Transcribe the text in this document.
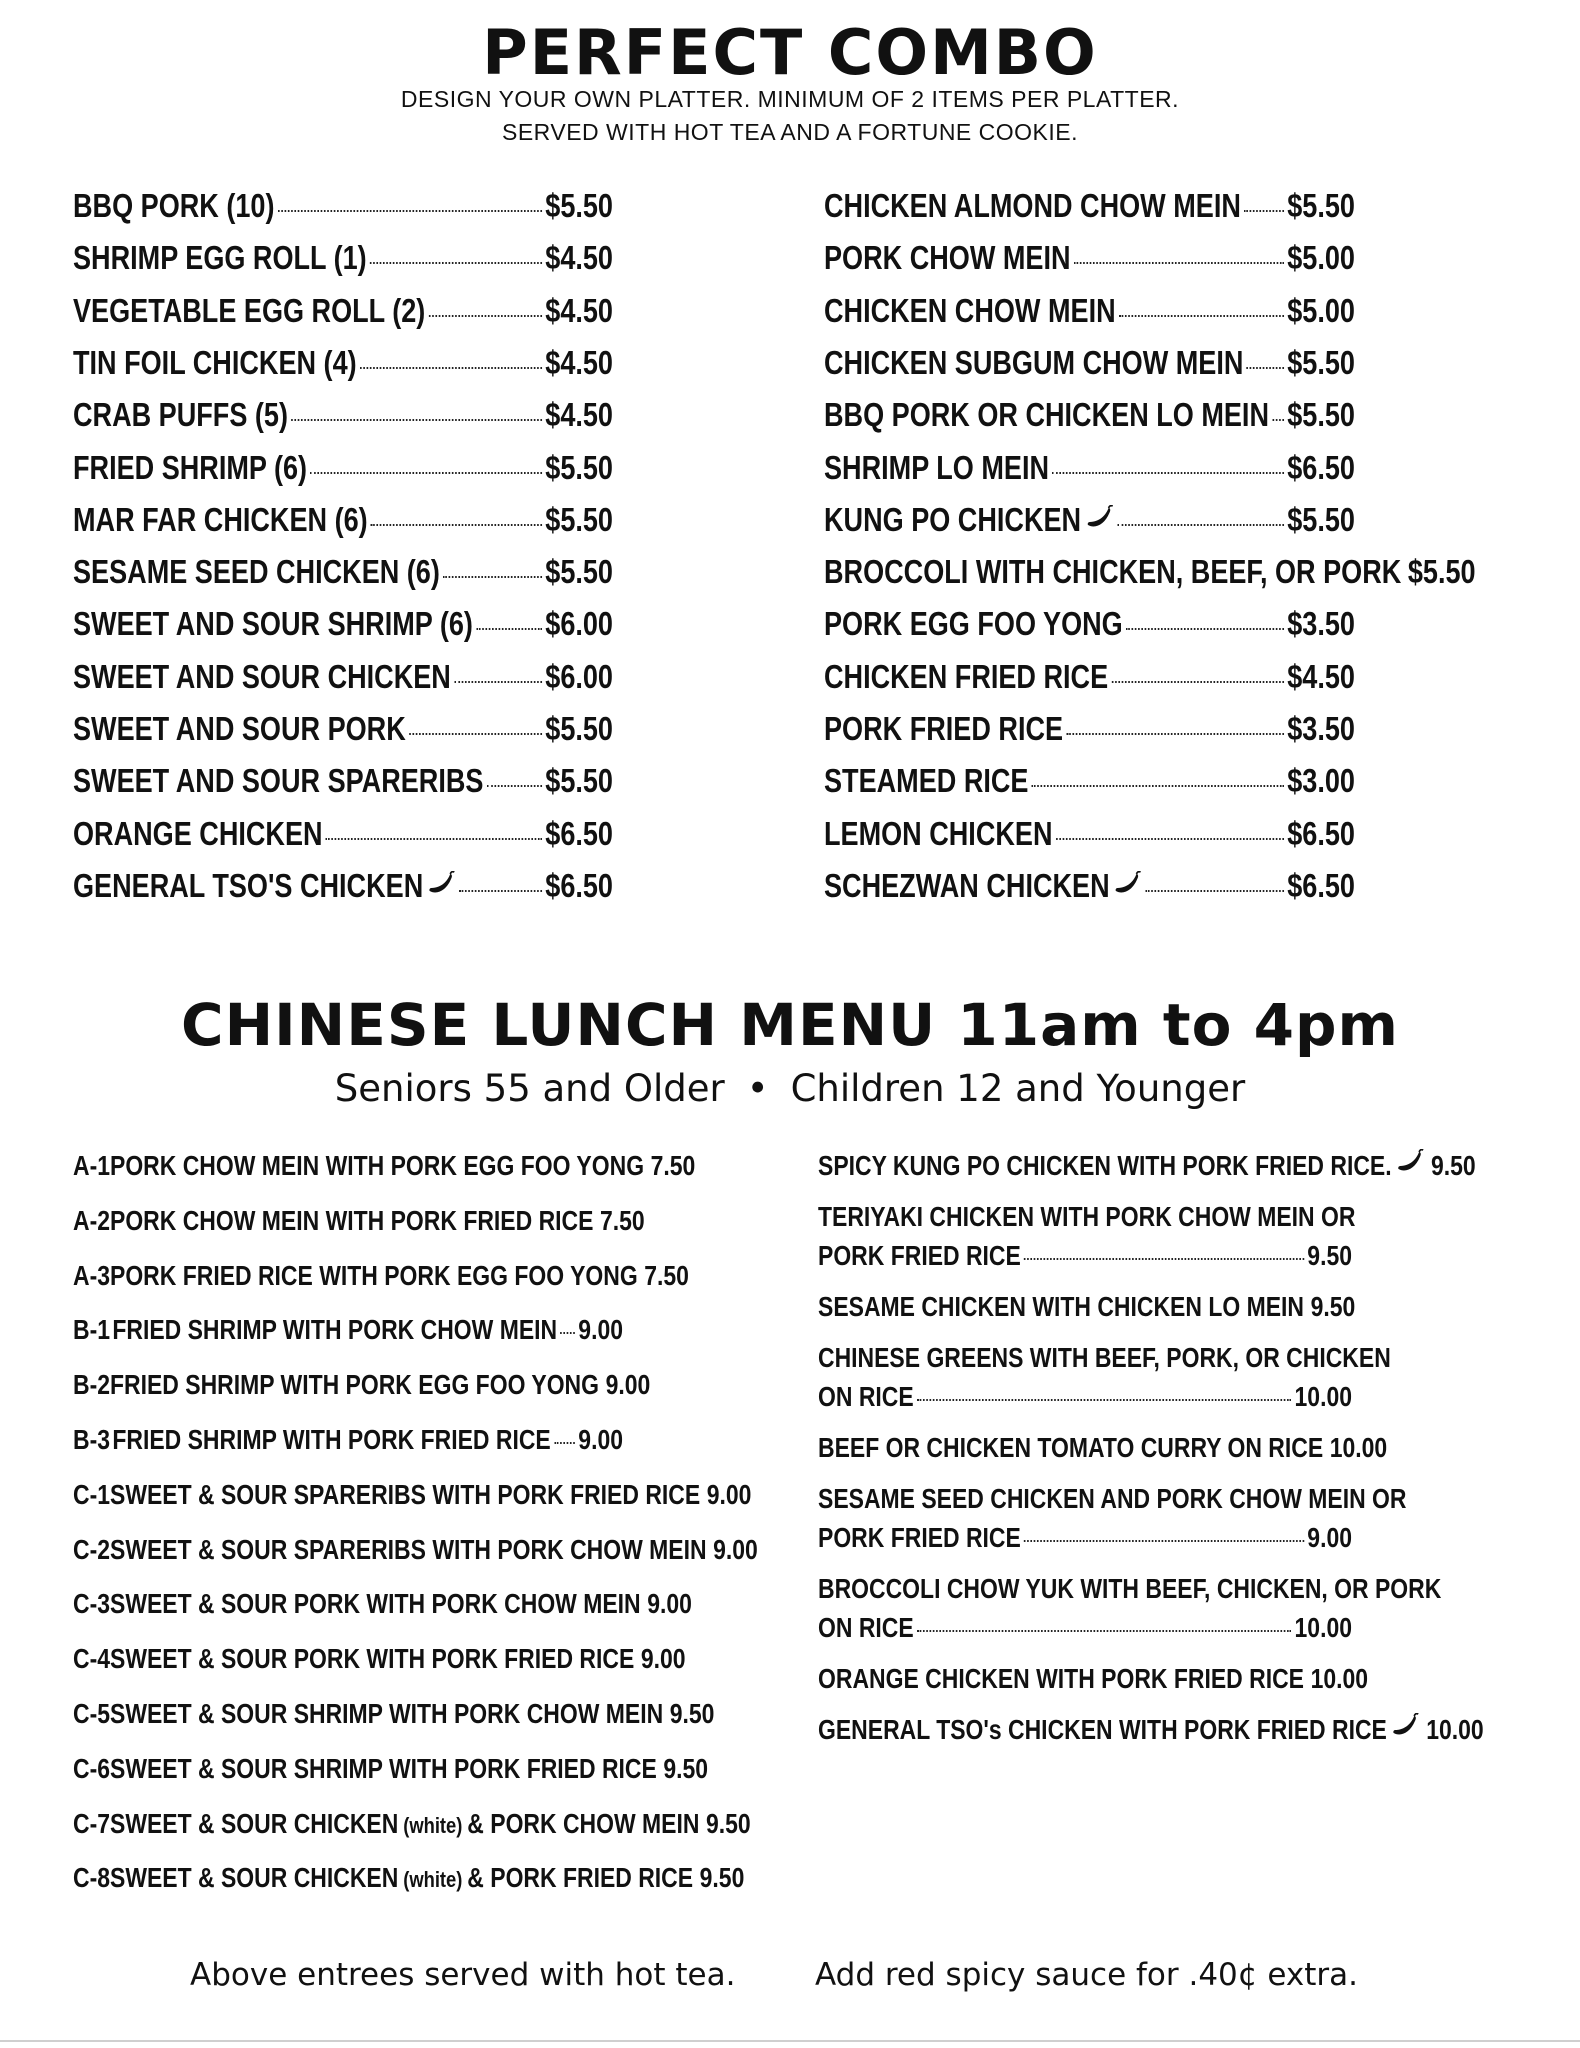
PERFECT COMBO
DESIGN YOUR OWN PLATTER. MINIMUM OF 2 ITEMS PER PLATTER.
SERVED WITH HOT TEA AND A FORTUNE COOKIE.
BBQ PORK (10)	$5.50
SHRIMP EGG ROLL (1)	$4.50
VEGETABLE EGG ROLL (2)	$4.50
TIN FOIL CHICKEN (4)	$4.50
CRAB PUFFS (5)	$4.50
FRIED SHRIMP (6)	$5.50
MAR FAR CHICKEN (6)	$5.50
SESAME SEED CHICKEN (6)	$5.50
SWEET AND SOUR SHRIMP (6) $6.00
SWEET AND SOUR CHICKEN	$6.00
SWEET AND SOUR PORK	$5.50
SWEET AND SOUR SPARERIBS $5.50
ORANGE CHICKEN	$6.50
GENERAL TSO'S CHICKEN	$6.50
CHICKEN ALMOND CHOW MEIN $5.50
PORK CHOW MEIN	$5.00
CHICKEN CHOW MEIN	$5.00
CHICKEN SUBGUM CHOW MEIN $5.50
BBQ PORK OR CHICKEN LO MEIN $5.50
SHRIMP LO MEIN	$6.50
KUNG PO CHICKEN	$5.50
BROCCOLI WITH CHICKEN, BEEF, OR PORK $5.50
PORK EGG FOO YONG	$3.50
CHICKEN FRIED RICE	$4.50
PORK FRIED RICE	$3.50
STEAMED RICE	$3.00
LEMON CHICKEN	$6.50
SCHEZWAN CHICKEN	$6.50
CHINESE LUNCH MENU 11am to 4pm
Seniors 55 and Older • Children 12 and Younger
A-1 PORK CHOW MEIN WITH PORK EGG FOO YONG 7.50
A-2 PORK CHOW MEIN WITH PORK FRIED RICE 7.50
A-3 PORK FRIED RICE WITH PORK EGG FOO YONG 7.50
B-1 FRIED SHRIMP WITH PORK CHOW MEIN 9.00
B-2 FRIED SHRIMP WITH PORK EGG FOO YONG 9.00
B-3 FRIED SHRIMP WITH PORK FRIED RICE 9.00
C-1 SWEET & SOUR SPARERIBS WITH PORK FRIED RICE 9.00
C-2 SWEET & SOUR SPARERIBS WITH PORK CHOW MEIN 9.00
C-3 SWEET & SOUR PORK WITH PORK CHOW MEIN 9.00
C-4 SWEET & SOUR PORK WITH PORK FRIED RICE 9.00
C-5 SWEET & SOUR SHRIMP WITH PORK CHOW MEIN 9.50
C-6 SWEET & SOUR SHRIMP WITH PORK FRIED RICE 9.50
C-7 SWEET & SOUR CHICKEN (white) & PORK CHOW MEIN 9.50
C-8 SWEET & SOUR CHICKEN (white) & PORK FRIED RICE 9.50
SPICY KUNG PO CHICKEN WITH PORK FRIED RICE. 9.50
TERIYAKI CHICKEN WITH PORK CHOW MEIN OR
PORK FRIED RICE	9.50
SESAME CHICKEN WITH CHICKEN LO MEIN 9.50
CHINESE GREENS WITH BEEF, PORK, OR CHICKEN
ON RICE	10.00
BEEF OR CHICKEN TOMATO CURRY ON RICE 10.00
SESAME SEED CHICKEN AND PORK CHOW MEIN OR
PORK FRIED RICE	9.00
BROCCOLI CHOW YUK WITH BEEF, CHICKEN, OR PORK
ON RICE	10.00
ORANGE CHICKEN WITH PORK FRIED RICE 10.00
GENERAL TSO's CHICKEN WITH PORK FRIED RICE 10.00
Above entrees served with hot tea.	Add red spicy sauce for .40¢ extra.
